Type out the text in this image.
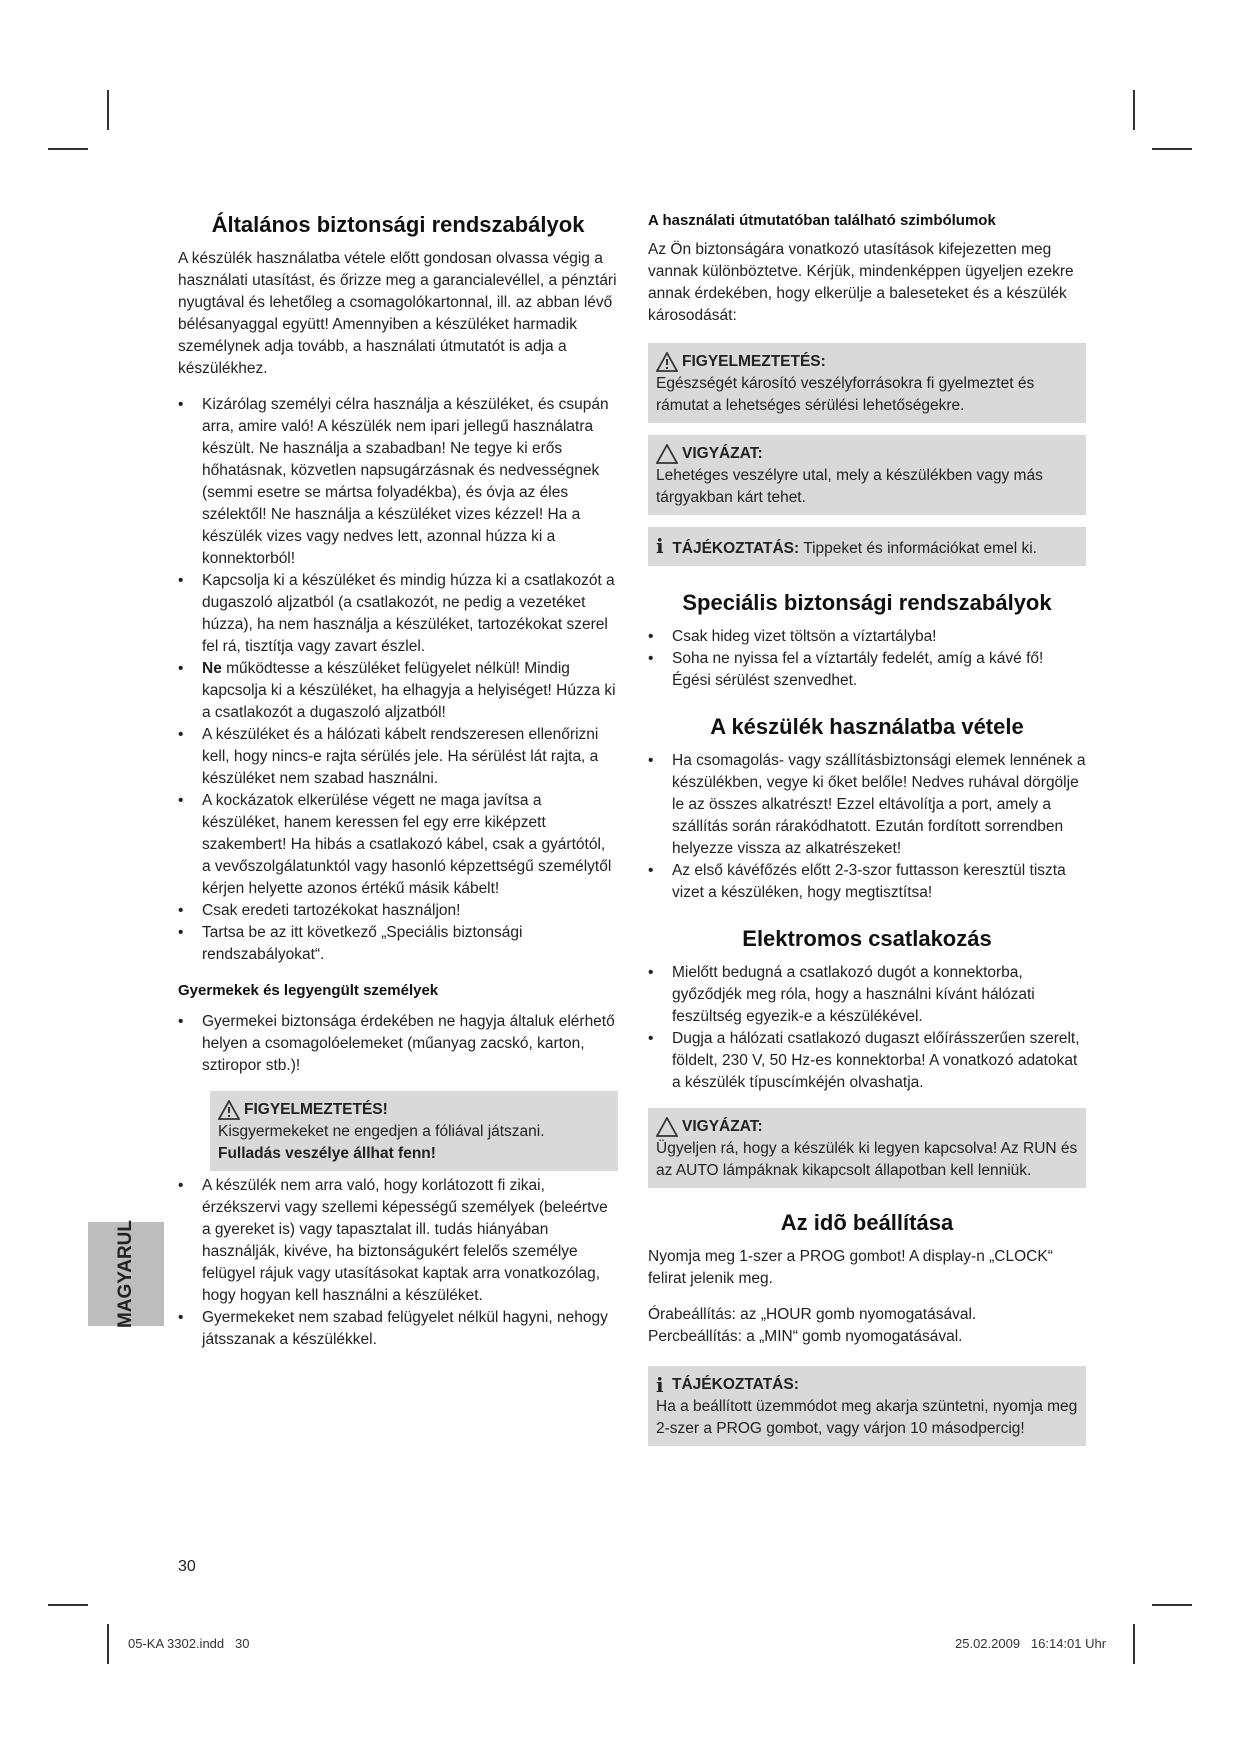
Általános biztonsági rendszabályok

A készülék használatba vétele előtt gondosan olvassa végig a használati utasítást, és őrizze meg a garancialevéllel, a pénztári nyugtával és lehetőleg a csomagolókartonnal, ill. az abban lévő bélésanyaggal együtt! Amennyiben a készüléket harmadik személynek adja tovább, a használati útmutatót is adja a készülékhez.

• Kizárólag személyi célra használja a készüléket, és csupán arra, amire való! A készülék nem ipari jellegű használatra készült. Ne használja a szabadban! Ne tegye ki erős hőhatásnak, közvetlen napsugárzásnak és nedvességnek (semmi esetre se mártsa folyadékba), és óvja az éles szélektől! Ne használja a készüléket vizes kézzel! Ha a készülék vizes vagy nedves lett, azonnal húzza ki a konnektorból!
• Kapcsolja ki a készüléket és mindig húzza ki a csatlakozót a dugaszoló aljzatból (a csatlakozót, ne pedig a vezetéket húzza), ha nem használja a készüléket, tartozékokat szerel fel rá, tisztítja vagy zavart észlel.
• Ne működtesse a készüléket felügyelet nélkül! Mindig kapcsolja ki a készüléket, ha elhagyja a helyiséget! Húzza ki a csatlakozót a dugaszoló aljzatból!
• A készüléket és a hálózati kábelt rendszeresen ellenőrizni kell, hogy nincs-e rajta sérülés jele. Ha sérülést lát rajta, a készüléket nem szabad használni.
• A kockázatok elkerülése végett ne maga javítsa a készüléket, hanem keressen fel egy erre kiképzett szakembert! Ha hibás a csatlakozó kábel, csak a gyártótól, a vevőszolgálatunktól vagy hasonló képzettségű személytől kérjen helyette azonos értékű másik kábelt!
• Csak eredeti tartozékokat használjon!
• Tartsa be az itt következő „Speciális biztonsági rendszabályokat“.
Gyermekek és legyengült személyek
• Gyermekei biztonsága érdekében ne hagyja általuk elérhető helyen a csomagolóelemeket (műanyag zacskó, karton, sztiropor stb.)!
FIGYELMEZTETÉS!
Kisgyermekeket ne engedjen a fóliával játszani. Fulladás veszélye állhat fenn!
• A készülék nem arra való, hogy korlátozott fi zikai, érzékszervi vagy szellemi képességű személyek (beleértve a gyereket is) vagy tapasztalat ill. tudás hiányában használják, kivéve, ha biztonságukért felelős személye felügyel rájuk vagy utasításokat kaptak arra vonatkozólag, hogy hogyan kell használni a készüléket.
• Gyermekeket nem szabad felügyelet nélkül hagyni, nehogy játsszanak a készülékkel.
A használati útmutatóban található szimbólumok

Az Ön biztonságára vonatkozó utasítások kifejezetten meg vannak különböztetve. Kérjük, mindenképpen ügyeljen ezekre annak érdekében, hogy elkerülje a baleseteket és a készülék károsodását:

FIGYELMEZTETÉS:
Egészségét károsító veszélyforrásokra fi gyelmeztet és rámutat a lehetséges sérülési lehetőségekre.
VIGYÁZAT:
Lehetéges veszélyre utal, mely a készülékben vagy más tárgyakban kárt tehet.
i TÁJÉKOZTATÁS: Tippeket és információkat emel ki.
Speciális biztonsági rendszabályok
• Csak hideg vizet töltsön a víztartályba!
• Soha ne nyissa fel a víztartály fedelét, amíg a kávé fő! Égési sérülést szenvedhet.
A készülék használatba vétele
• Ha csomagolás- vagy szállításbiztonsági elemek lennének a készülékben, vegye ki őket belőle! Nedves ruhával dörgölje le az összes alkatrészt! Ezzel eltávolítja a port, amely a szállítás során rárakódhatott. Ezután fordított sorrendben helyezze vissza az alkatrészeket!
• Az első kávéfőzés előtt 2-3-szor futtasson keresztül tiszta vizet a készüléken, hogy megtisztítsa!
Elektromos csatlakozás
• Mielőtt bedugná a csatlakozó dugót a konnektorba, győződjék meg róla, hogy a használni kívánt hálózati feszültség egyezik-e a készülékével.
• Dugja a hálózati csatlakozó dugaszt előírásszerűen szerelt, földelt, 230 V, 50 Hz-es konnektorba! A vonatkozó adatokat a készülék típuscímkéjén olvashatja.
VIGYÁZAT:
Ügyeljen rá, hogy a készülék ki legyen kapcsolva! Az RUN és az AUTO lámpáknak kikapcsolt állapotban kell lenniük.
Az idõ beállítása

Nyomja meg 1-szer a PROG gombot! A display-n „CLOCK“ felirat jelenik meg.

Órabeállítás: az „HOUR gomb nyomogatásával.

Percbeállítás: a „MIN“ gomb nyomogatásával.

i TÁJÉKOZTATÁS:
Ha a beállított üzemmódot meg akarja szüntetni, nyomja meg 2-szer a PROG gombot, vagy várjon 10 másodpercig!
MAGYARUL
30
05-KA 3302.indd   30	25.02.2009   16:14:01 Uhr
